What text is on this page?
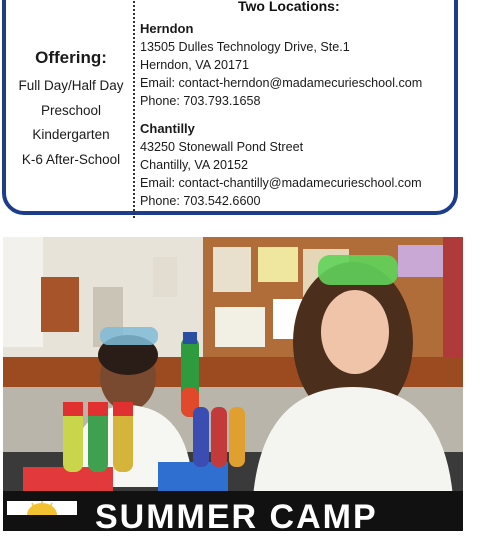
Offering:
Full Day/Half Day
Preschool
Kindergarten
K-6 After-School
Two Locations:
Herndon
13505 Dulles Technology Drive, Ste.1
Herndon, VA 20171
Email: contact-herndon@madamecurieschool.com
Phone: 703.793.1658
Chantilly
43250 Stonewall Pond Street
Chantilly, VA 20152
Email: contact-chantilly@madamecurieschool.com
Phone: 703.542.6600
SUMMER CAMP
